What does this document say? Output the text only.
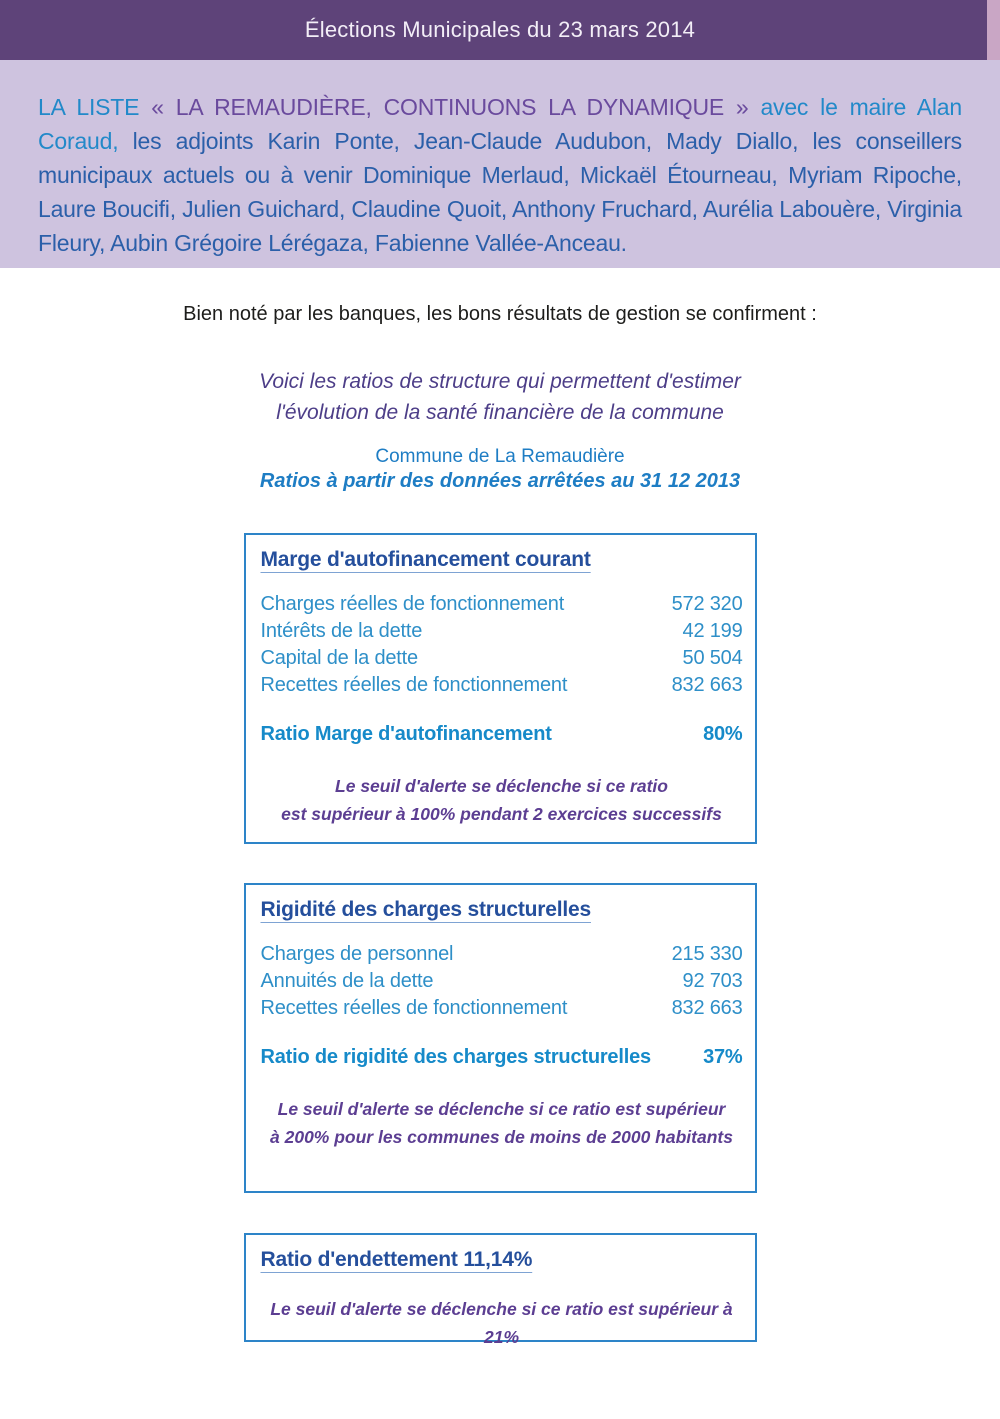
Élections Municipales du 23 mars 2014

LA LISTE « LA REMAUDIÈRE, CONTINUONS LA DYNAMIQUE » avec le maire Alan Coraud, les adjoints Karin Ponte, Jean-Claude Audubon, Mady Diallo, les conseillers municipaux actuels ou à venir Dominique Merlaud, Mickaël Étourneau, Myriam Ripoche, Laure Boucifi, Julien Guichard, Claudine Quoit, Anthony Fruchard, Aurélia Labouère, Virginia Fleury, Aubin Grégoire Lérégaza, Fabienne Vallée-Anceau.

Bien noté par les banques, les bons résultats de gestion se confirment :
Voici les ratios de structure qui permettent d'estimer
l'évolution de la santé financière de la commune
Commune de La Remaudière
Ratios à partir des données arrêtées au 31 12 2013
Marge d'autofinancement courant
Charges réelles de fonctionnement	572 320
Intérêts de la dette	42 199
Capital de la dette	50 504
Recettes réelles de fonctionnement	832 663
Ratio Marge d'autofinancement	80%
Le seuil d'alerte se déclenche si ce ratio
est supérieur à 100% pendant 2 exercices successifs
Rigidité des charges structurelles
Charges de personnel	215 330
Annuités de la dette	92 703
Recettes réelles de fonctionnement	832 663
Ratio de rigidité des charges structurelles	37%
Le seuil d'alerte se déclenche si ce ratio est supérieur
à 200% pour les communes de moins de 2000 habitants
Ratio d'endettement 11,14%
Le seuil d'alerte se déclenche si ce ratio est supérieur à 21%
